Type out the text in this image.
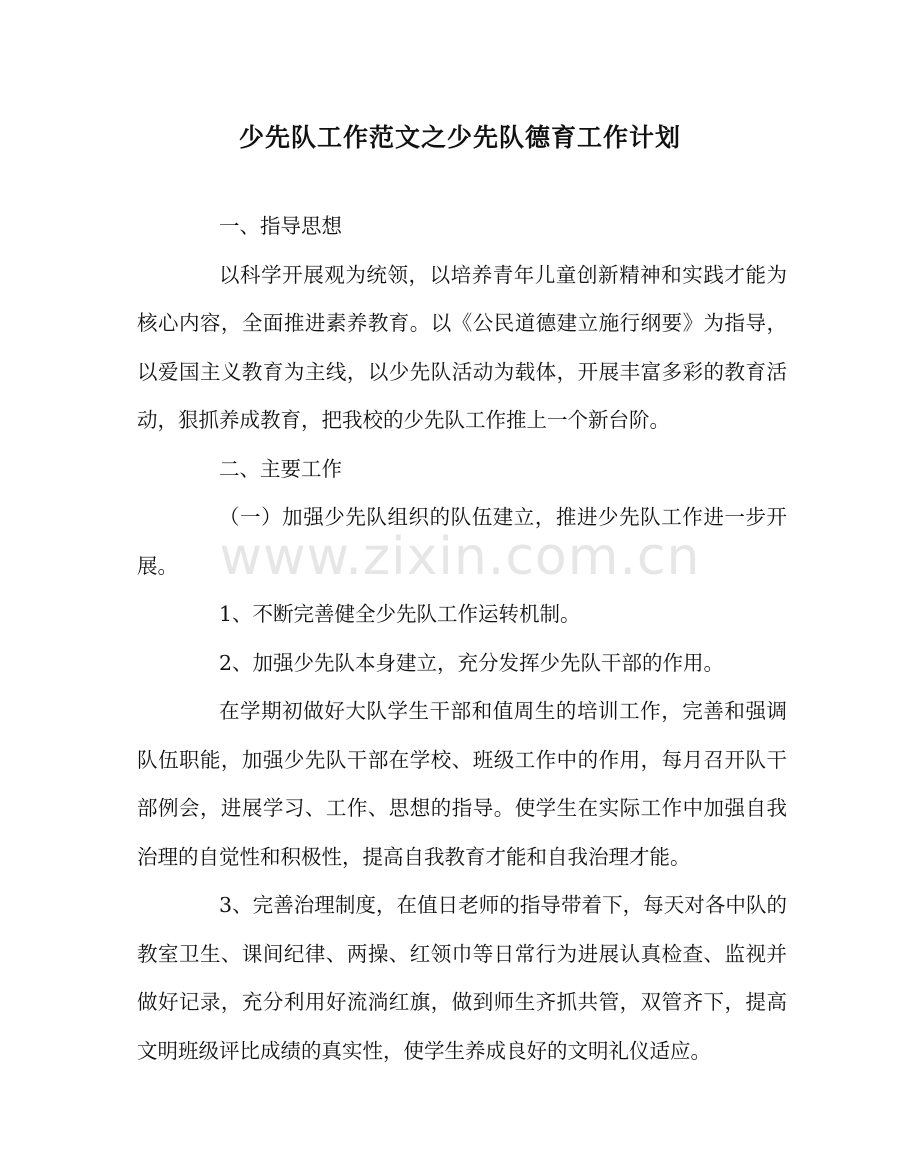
少先队工作范文之少先队德育工作计划

一、指导思想

以科学开展观为统领，以培养青年儿童创新精神和实践才能为核心内容，全面推进素养教育。以《公民道德建立施行纲要》为指导，以爱国主义教育为主线，以少先队活动为载体，开展丰富多彩的教育活动，狠抓养成教育，把我校的少先队工作推上一个新台阶。

二、主要工作

（一）加强少先队组织的队伍建立，推进少先队工作进一步开展。

1、不断完善健全少先队工作运转机制。

2、加强少先队本身建立，充分发挥少先队干部的作用。

在学期初做好大队学生干部和值周生的培训工作，完善和强调队伍职能，加强少先队干部在学校、班级工作中的作用，每月召开队干部例会，进展学习、工作、思想的指导。使学生在实际工作中加强自我治理的自觉性和积极性，提高自我教育才能和自我治理才能。

3、完善治理制度，在值日老师的指导带着下，每天对各中队的教室卫生、课间纪律、两操、红领巾等日常行为进展认真检查、监视并做好记录，充分利用好流淌红旗，做到师生齐抓共管，双管齐下，提高文明班级评比成绩的真实性，使学生养成良好的文明礼仪适应。

www.zixin.com.cn
